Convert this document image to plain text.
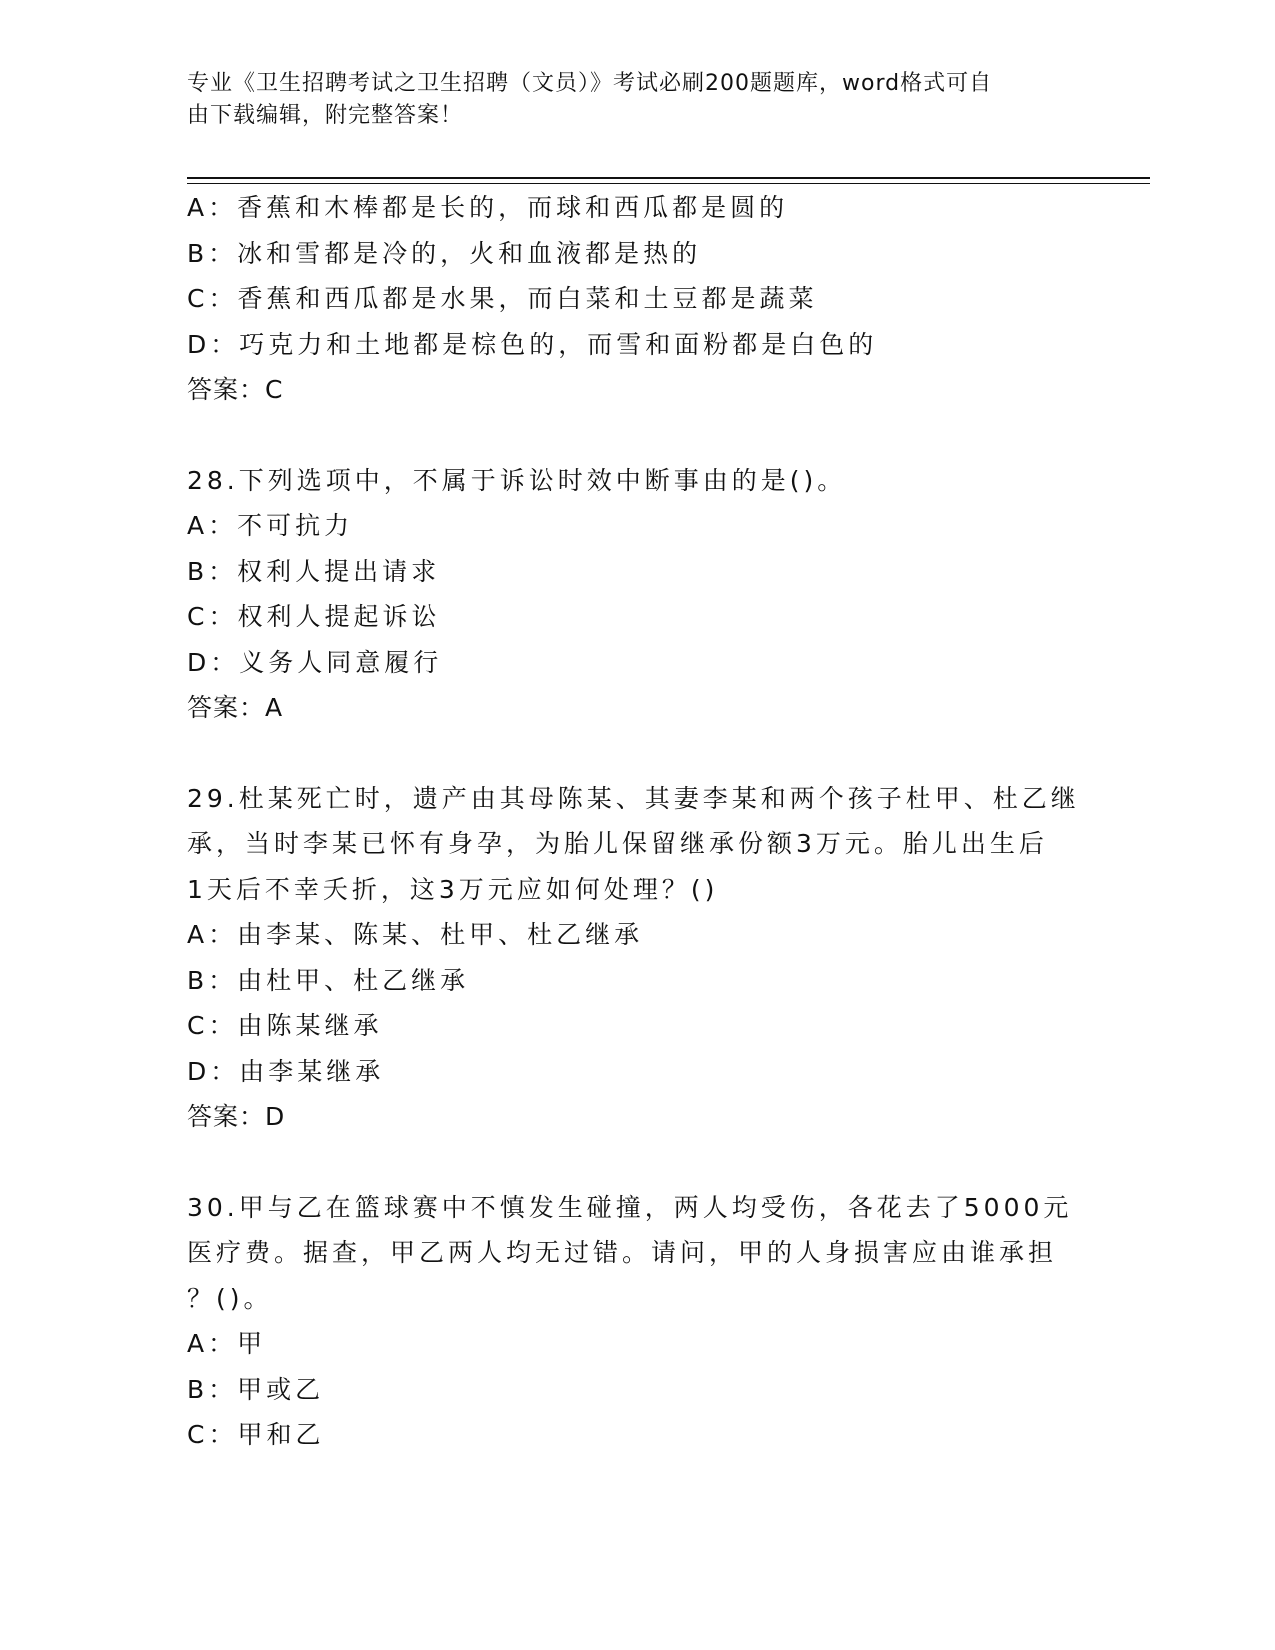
专业《卫生招聘考试之卫生招聘（文员）》考试必刷200题题库，word格式可自
由下载编辑，附完整答案！
A：香蕉和木棒都是长的，而球和西瓜都是圆的
B：冰和雪都是冷的，火和血液都是热的
C：香蕉和西瓜都是水果，而白菜和土豆都是蔬菜
D：巧克力和土地都是棕色的，而雪和面粉都是白色的
答案：C
28.下列选项中，不属于诉讼时效中断事由的是()。
A：不可抗力
B：权利人提出请求
C：权利人提起诉讼
D：义务人同意履行
答案：A
29.杜某死亡时，遗产由其母陈某、其妻李某和两个孩子杜甲、杜乙继
承，当时李某已怀有身孕，为胎儿保留继承份额3万元。胎儿出生后
1天后不幸夭折，这3万元应如何处理？()
A：由李某、陈某、杜甲、杜乙继承
B：由杜甲、杜乙继承
C：由陈某继承
D：由李某继承
答案：D
30.甲与乙在篮球赛中不慎发生碰撞，两人均受伤，各花去了5000元
医疗费。据查，甲乙两人均无过错。请问，甲的人身损害应由谁承担
？()。
A：甲
B：甲或乙
C：甲和乙
